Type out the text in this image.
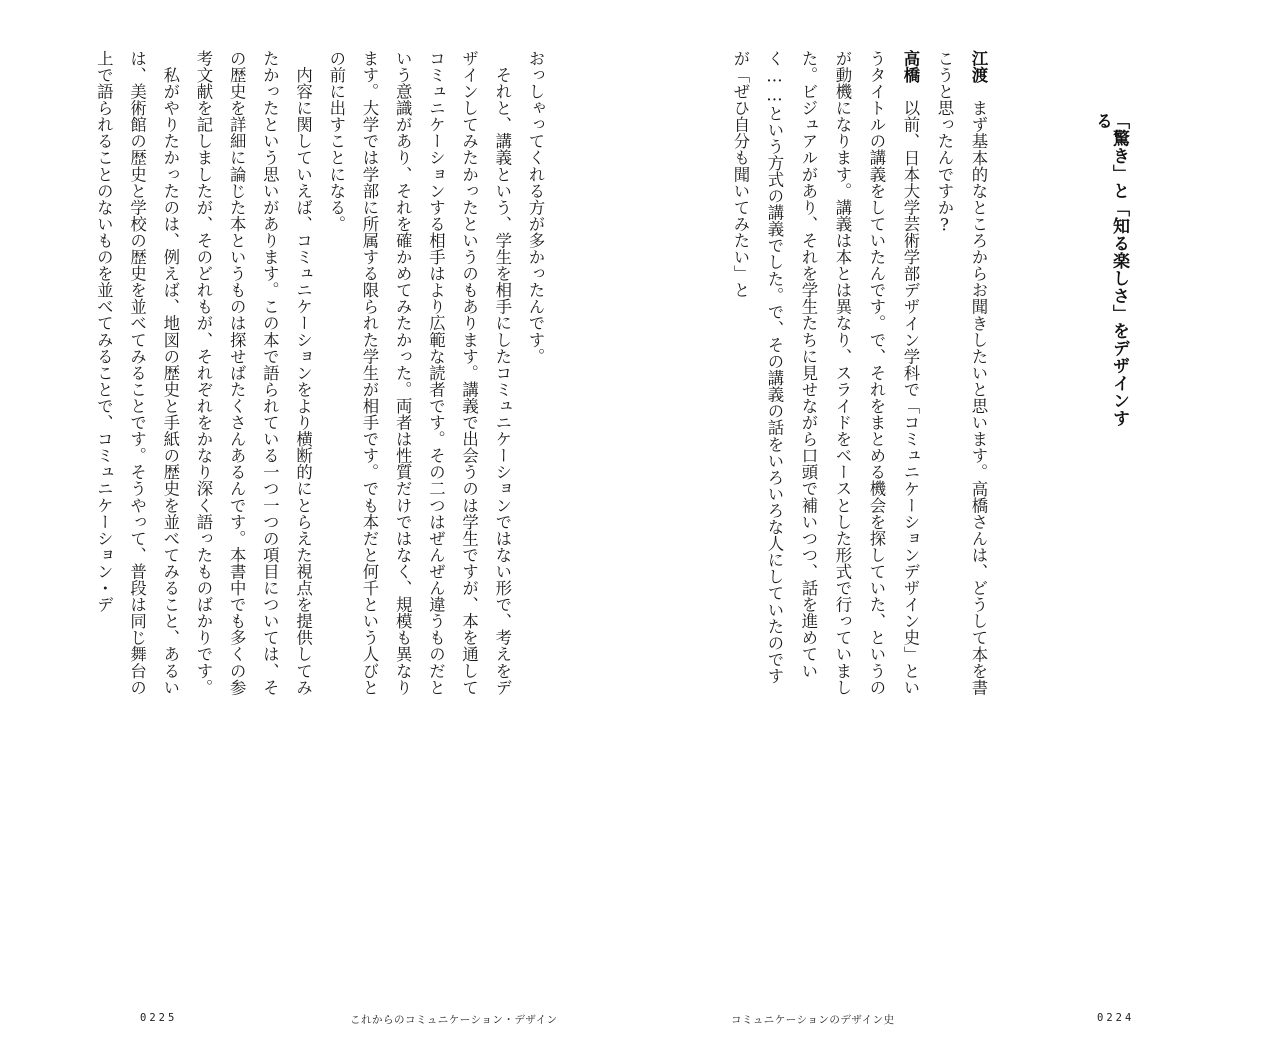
「驚き」と「知る楽しさ」をデザインする

江渡　まず基本的なところからお聞きしたいと思います。高橋さんは、どうして本を書こうと思ったんですか?

高橋　以前、日本大学芸術学部デザイン学科で「コミュニケーションデザイン史」というタイトルの講義をしていたんです。で、それをまとめる機会を探していた、というのが動機になります。講義は本とは異なり、スライドをベースとした形式で行っていました。ビジュアルがあり、それを学生たちに見せながら口頭で補いつつ、話を進めていく……という方式の講義でした。で、その講義の話をいろいろな人にしていたのですが「ぜひ自分も聞いてみたい」と

おっしゃってくれる方が多かったんです。

　それと、講義という、学生を相手にしたコミュニケーションではない形で、考えをデザインしてみたかったというのもあります。講義で出会うのは学生ですが、本を通してコミュニケーションする相手はより広範な読者です。その二つはぜんぜん違うものだという意識があり、それを確かめてみたかった。両者は性質だけではなく、規模も異なります。大学では学部に所属する限られた学生が相手です。でも本だと何千という人びとの前に出すことになる。

　内容に関していえば、コミュニケーションをより横断的にとらえた視点を提供してみたかったという思いがあります。この本で語られている一つ一つの項目については、その歴史を詳細に論じた本というものは探せばたくさんあるんです。本書中でも多くの参考文献を記しましたが、そのどれもが、それぞれをかなり深く語ったものばかりです。

　私がやりたかったのは、例えば、地図の歴史と手紙の歴史を並べてみること、あるいは、美術館の歴史と学校の歴史を並べてみることです。そうやって、普段は同じ舞台の上で語られることのないものを並べてみることで、コミュニケーション・デ

0225	これからのコミュニケーション・デザイン	コミュニケーションのデザイン史	0224
